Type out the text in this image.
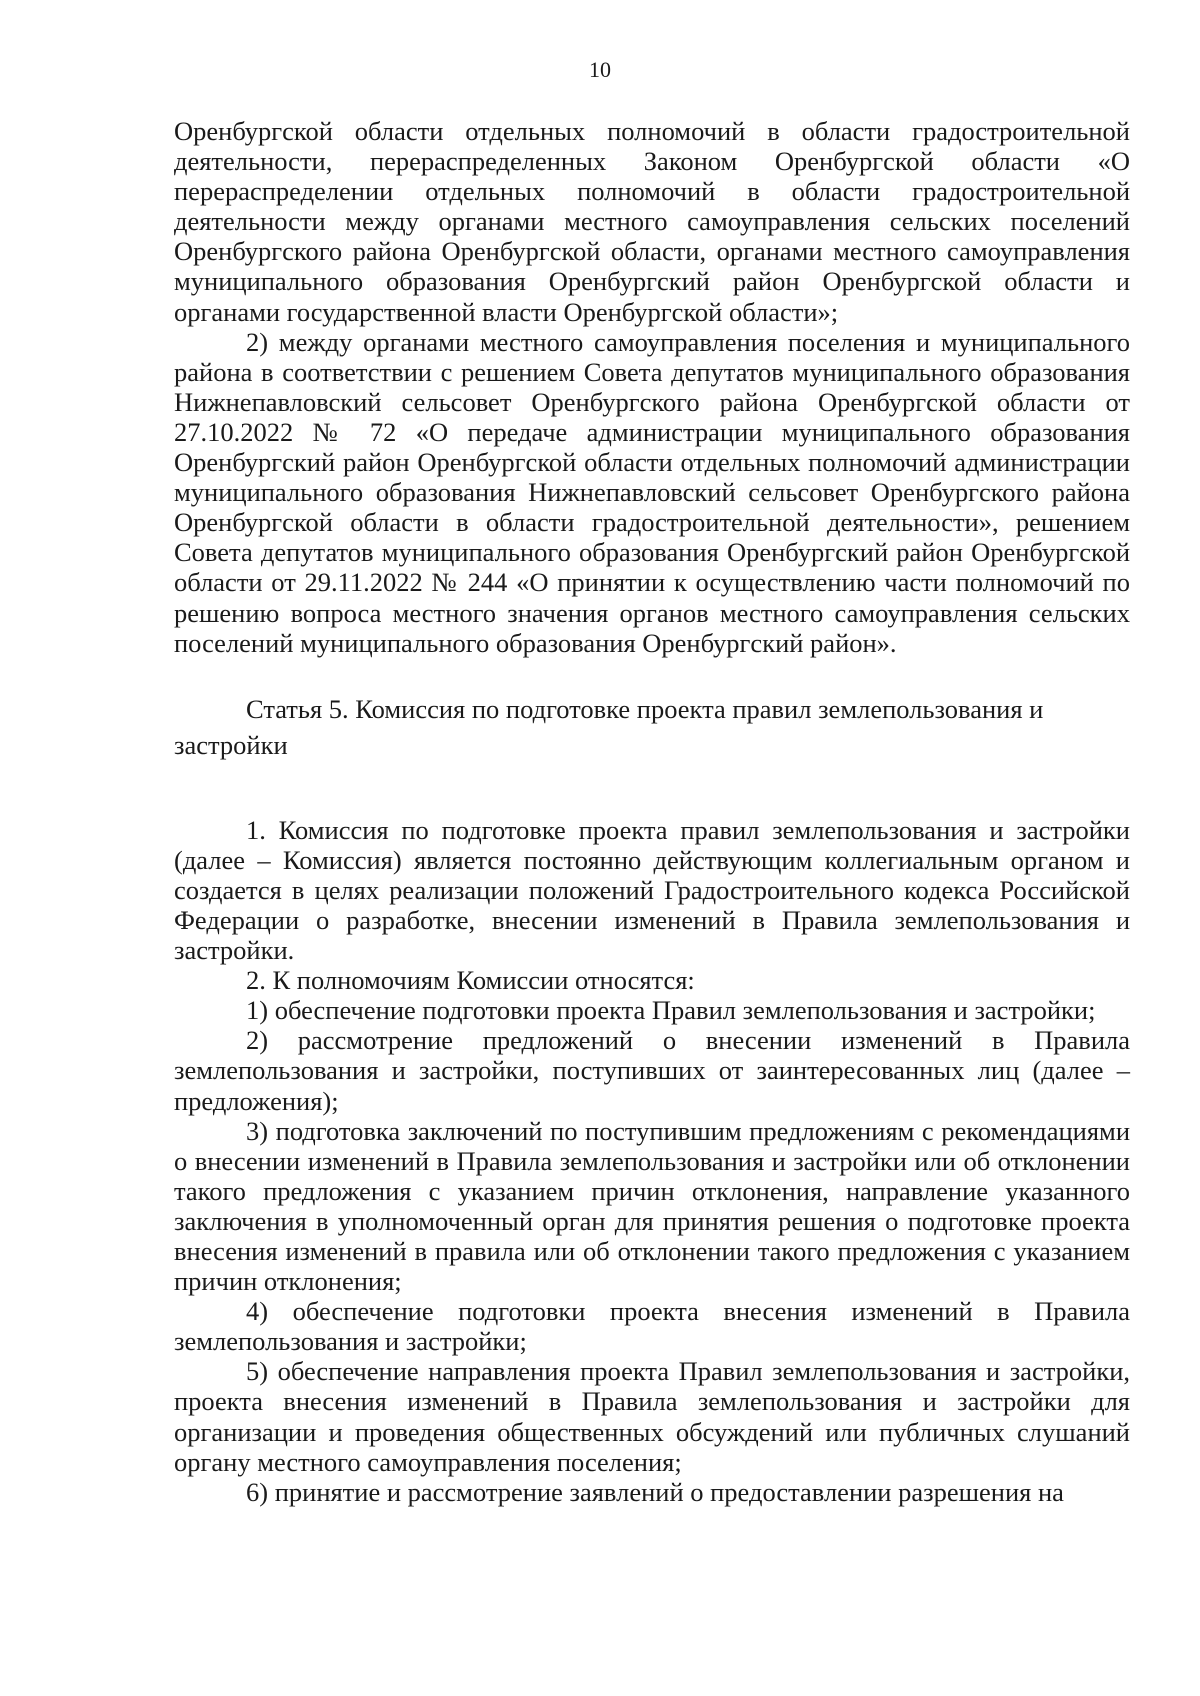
10

Оренбургской области отдельных полномочий в области градостроительной деятельности, перераспределенных Законом Оренбургской области «О перераспределении отдельных полномочий в области градостроительной деятельности между органами местного самоуправления сельских поселений Оренбургского района Оренбургской области, органами местного самоуправления муниципального образования Оренбургский район Оренбургской области и органами государственной власти Оренбургской области»;

2) между органами местного самоуправления поселения и муниципального района в соответствии с решением Совета депутатов муниципального образования Нижнепавловский сельсовет Оренбургского района Оренбургской области от 27.10.2022 № 72 «О передаче администрации муниципального образования Оренбургский район Оренбургской области отдельных полномочий администрации муниципального образования Нижнепавловский сельсовет Оренбургского района Оренбургской области в области градостроительной деятельности», решением Совета депутатов муниципального образования Оренбургский район Оренбургской области от 29.11.2022 № 244 «О принятии к осуществлению части полномочий по решению вопроса местного значения органов местного самоуправления сельских поселений муниципального образования Оренбургский район».

Статья 5. Комиссия по подготовке проекта правил землепользования и застройки

1. Комиссия по подготовке проекта правил землепользования и застройки (далее – Комиссия) является постоянно действующим коллегиальным органом и создается в целях реализации положений Градостроительного кодекса Российской Федерации о разработке, внесении изменений в Правила землепользования и застройки.

2. К полномочиям Комиссии относятся:

1) обеспечение подготовки проекта Правил землепользования и застройки;

2) рассмотрение предложений о внесении изменений в Правила землепользования и застройки, поступивших от заинтересованных лиц (далее – предложения);

3) подготовка заключений по поступившим предложениям с рекомендациями о внесении изменений в Правила землепользования и застройки или об отклонении такого предложения с указанием причин отклонения, направление указанного заключения в уполномоченный орган для принятия решения о подготовке проекта внесения изменений в правила или об отклонении такого предложения с указанием причин отклонения;

4) обеспечение подготовки проекта внесения изменений в Правила землепользования и застройки;

5) обеспечение направления проекта Правил землепользования и застройки, проекта внесения изменений в Правила землепользования и застройки для организации и проведения общественных обсуждений или публичных слушаний органу местного самоуправления поселения;

6) принятие и рассмотрение заявлений о предоставлении разрешения на
